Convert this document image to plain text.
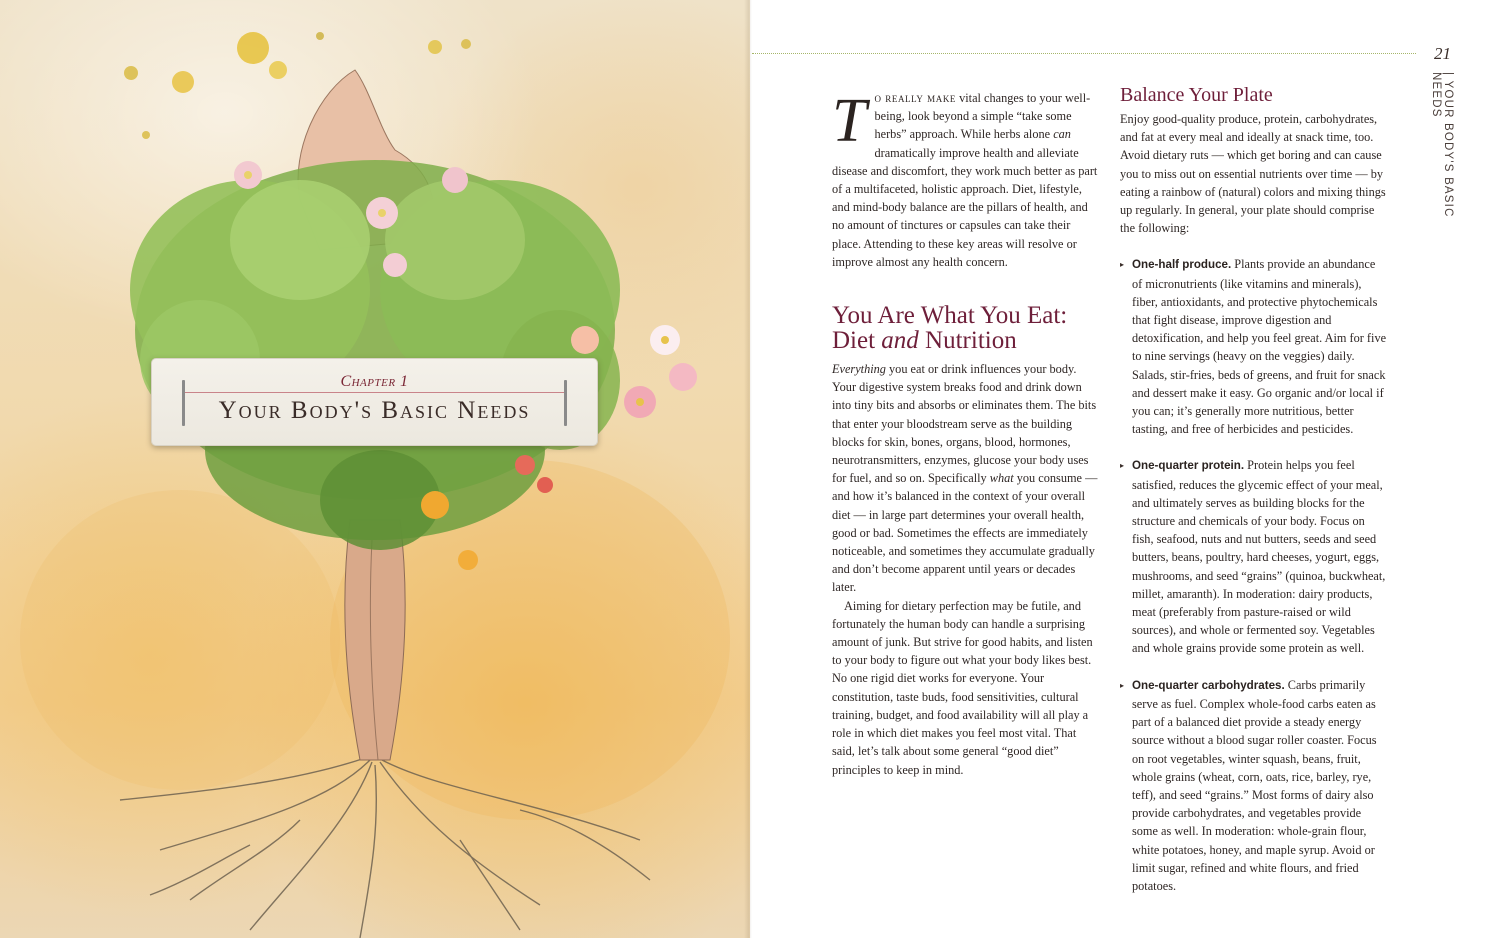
Chapter 1
Your Body's Basic Needs
21
| YOUR BODY'S BASIC NEEDS

To really make vital changes to your well-being, look beyond a simple “take some herbs” approach. While herbs alone can dramatically improve health and alleviate disease and discomfort, they work much better as part of a multifaceted, holistic approach. Diet, lifestyle, and mind-body balance are the pillars of health, and no amount of tinctures or capsules can take their place. Attending to these key areas will resolve or improve almost any health concern.

You Are What You Eat:
Diet and Nutrition

Everything you eat or drink influences your body. Your digestive system breaks food and drink down into tiny bits and absorbs or eliminates them. The bits that enter your bloodstream serve as the building blocks for skin, bones, organs, blood, hormones, neurotransmitters, enzymes, glucose your body uses for fuel, and so on. Specifically what you consume — and how it’s balanced in the context of your overall diet — in large part determines your overall health, good or bad. Sometimes the effects are immediately noticeable, and sometimes they accumulate gradually and don’t become apparent until years or decades later.

Aiming for dietary perfection may be futile, and fortunately the human body can handle a surprising amount of junk. But strive for good habits, and listen to your body to figure out what your body likes best. No one rigid diet works for everyone. Your constitution, taste buds, food sensitivities, cultural training, budget, and food availability will all play a role in which diet makes you feel most vital. That said, let’s talk about some general “good diet” principles to keep in mind.

Balance Your Plate

Enjoy good-quality produce, protein, carbohydrates, and fat at every meal and ideally at snack time, too. Avoid dietary ruts — which get boring and can cause you to miss out on essential nutrients over time — by eating a rainbow of (natural) colors and mixing things up regularly. In general, your plate should comprise the following:

▸ One-half produce. Plants provide an abundance of micronutrients (like vitamins and minerals), fiber, antioxidants, and protective phytochemicals that fight disease, improve digestion and detoxification, and help you feel great. Aim for five to nine servings (heavy on the veggies) daily. Salads, stir-fries, beds of greens, and fruit for snack and dessert make it easy. Go organic and/or local if you can; it’s generally more nutritious, better tasting, and free of herbicides and pesticides.
▸ One-quarter protein. Protein helps you feel satisfied, reduces the glycemic effect of your meal, and ultimately serves as building blocks for the structure and chemicals of your body. Focus on fish, seafood, nuts and nut butters, seeds and seed butters, beans, poultry, hard cheeses, yogurt, eggs, mushrooms, and seed “grains” (quinoa, buckwheat, millet, amaranth). In moderation: dairy products, meat (preferably from pasture-raised or wild sources), and whole or fermented soy. Vegetables and whole grains provide some protein as well.
▸ One-quarter carbohydrates. Carbs primarily serve as fuel. Complex whole-food carbs eaten as part of a balanced diet provide a steady energy source without a blood sugar roller coaster. Focus on root vegetables, winter squash, beans, fruit, whole grains (wheat, corn, oats, rice, barley, rye, teff), and seed “grains.” Most forms of dairy also provide carbohydrates, and vegetables provide some as well. In moderation: whole-grain flour, white potatoes, honey, and maple syrup. Avoid or limit sugar, refined and white flours, and fried potatoes.
